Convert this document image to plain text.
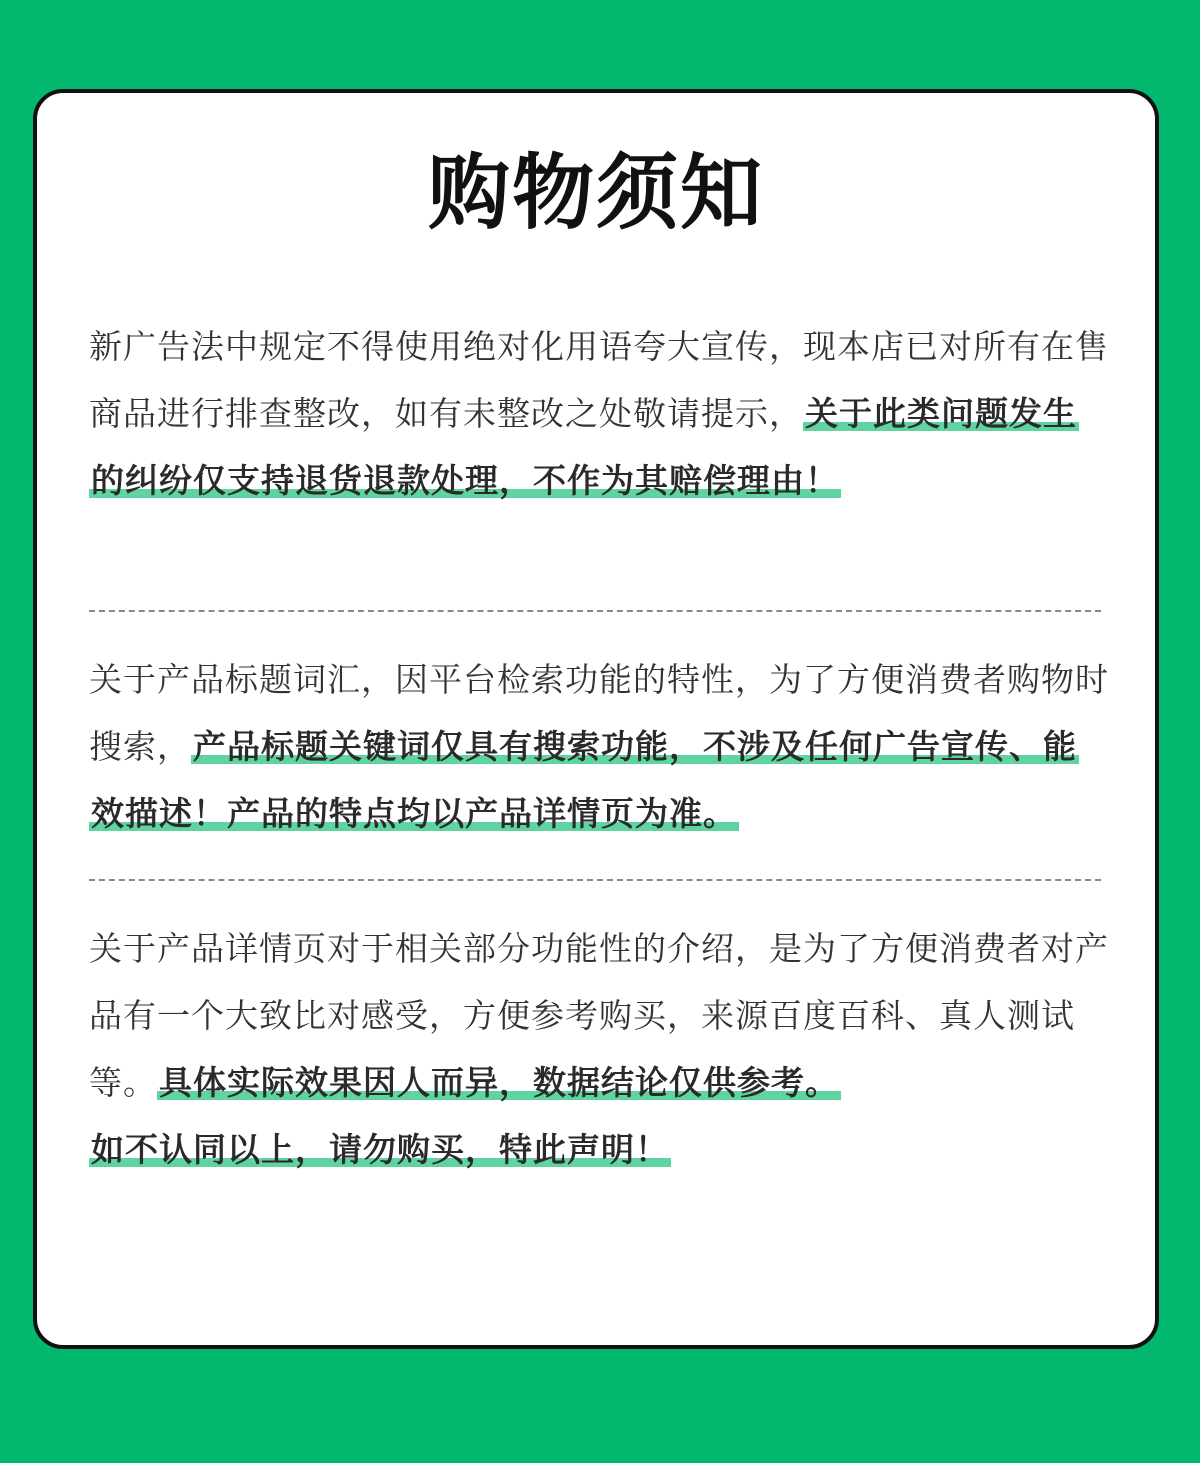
购物须知
新广告法中规定不得使用绝对化用语夸大宣传，现本店已对所有在售商品进行排查整改，如有未整改之处敬请提示，关于此类问题发生的纠纷仅支持退货退款处理，不作为其赔偿理由！
关于产品标题词汇，因平台检索功能的特性，为了方便消费者购物时搜索，产品标题关键词仅具有搜索功能，不涉及任何广告宣传、能效描述！产品的特点均以产品详情页为准。
关于产品详情页对于相关部分功能性的介绍，是为了方便消费者对产品有一个大致比对感受，方便参考购买，来源百度百科、真人测试等。具体实际效果因人而异，数据结论仅供参考。
如不认同以上，请勿购买，特此声明！
